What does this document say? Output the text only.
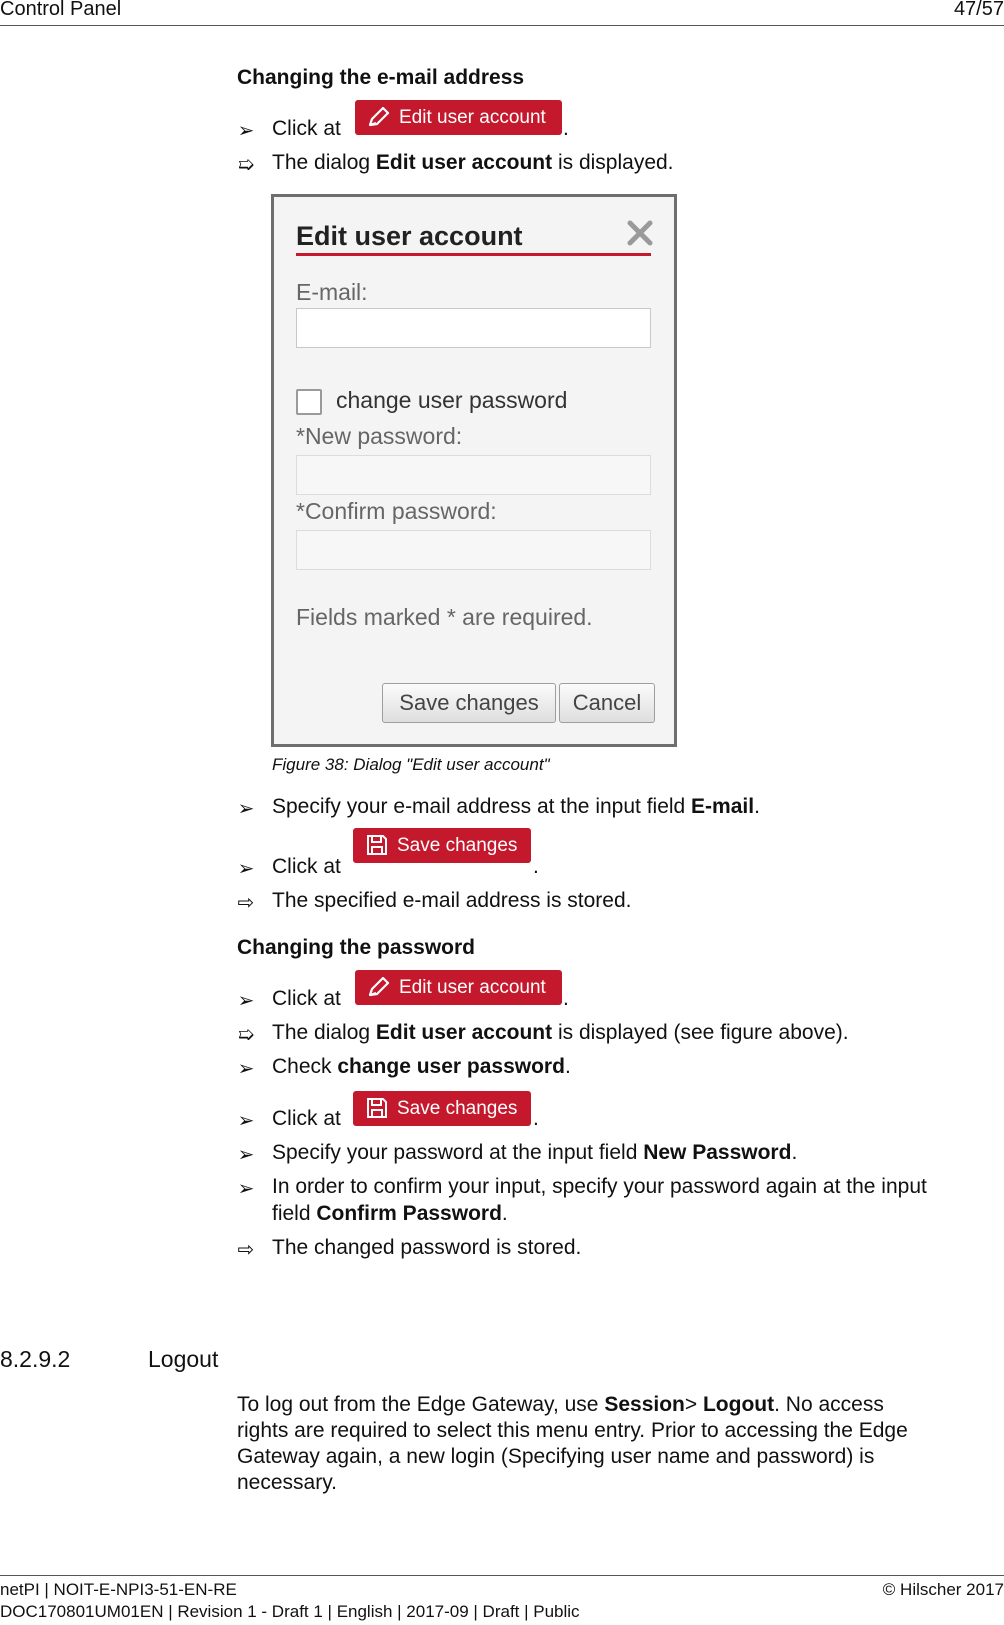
Control Panel	47/57
Changing the e-mail address
➢ Click at	Edit user account .
➯ The dialog Edit user account is displayed.
Edit user account
E-mail:
change user password
*New password:
*Confirm password:
Fields marked * are required.
Save changes	Cancel
Figure 38: Dialog "Edit user account"
➢ Specify your e-mail address at the input field E-mail.
➢ Click at
Save changes
.
⇨ The specified e-mail address is stored.
Changing the password
➢ Click at	Edit user account .
➯ The dialog Edit user account is displayed (see figure above).
➢ Check change user password.
➢ Click at	Save changes .
➢ Specify your password at the input field New Password.
➢ In order to confirm your input, specify your password again at the input
field Confirm Password.
⇨ The changed password is stored.
8.2.9.2	Logout
To log out from the Edge Gateway, use Session> Logout. No access
rights are required to select this menu entry. Prior to accessing the Edge
Gateway again, a new login (Specifying user name and password) is
necessary.
netPI | NOIT-E-NPI3-51-EN-RE	© Hilscher 2017
DOC170801UM01EN | Revision 1 - Draft 1 | English | 2017-09 | Draft | Public
